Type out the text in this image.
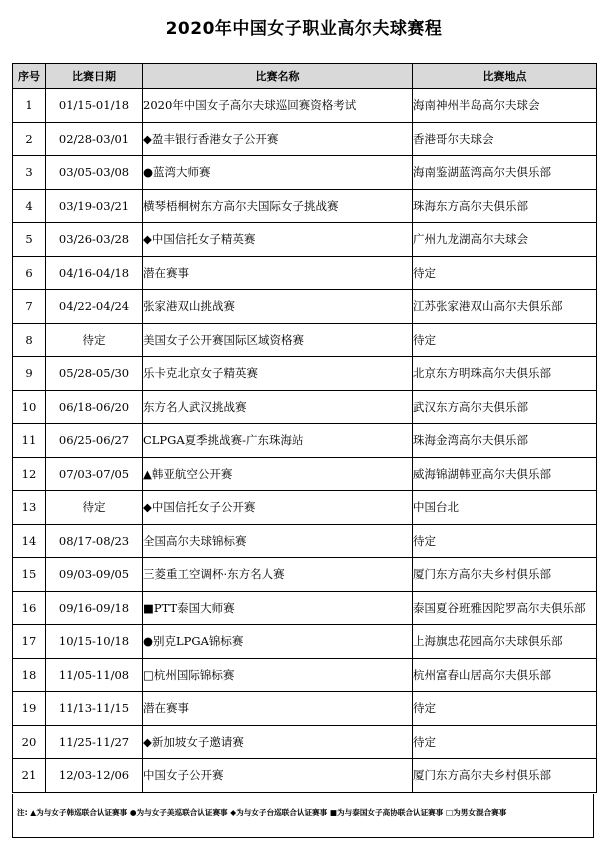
2020年中国女子职业高尔夫球赛程
序号	比赛日期	比赛名称	比赛地点
1	01/15-01/18	2020年中国女子高尔夫球巡回赛资格考试	海南神州半岛高尔夫球会
2	02/28-03/01	◆盈丰银行香港女子公开赛	香港哥尔夫球会
3	03/05-03/08	●蓝湾大师赛	海南鉴湖蓝湾高尔夫俱乐部
4	03/19-03/21	横琴梧桐树东方高尔夫国际女子挑战赛	珠海东方高尔夫俱乐部
5	03/26-03/28	◆中国信托女子精英赛	广州九龙湖高尔夫球会
6	04/16-04/18	潜在赛事	待定
7	04/22-04/24	张家港双山挑战赛	江苏张家港双山高尔夫俱乐部
8	待定	美国女子公开赛国际区域资格赛	待定
9	05/28-05/30	乐卡克北京女子精英赛	北京东方明珠高尔夫俱乐部
10	06/18-06/20	东方名人武汉挑战赛	武汉东方高尔夫俱乐部
11	06/25-06/27	CLPGA夏季挑战赛-广东珠海站	珠海金湾高尔夫俱乐部
12	07/03-07/05	▲韩亚航空公开赛	威海锦湖韩亚高尔夫俱乐部
13	待定	◆中国信托女子公开赛	中国台北
14	08/17-08/23	全国高尔夫球锦标赛	待定
15	09/03-09/05	三菱重工空调杯·东方名人赛	厦门东方高尔夫乡村俱乐部
16	09/16-09/18	■PTT泰国大师赛	泰国夏谷班雅因陀罗高尔夫俱乐部
17	10/15-10/18	●别克LPGA锦标赛	上海旗忠花园高尔夫球俱乐部
18	11/05-11/08	□杭州国际锦标赛	杭州富春山居高尔夫俱乐部
19	11/13-11/15	潜在赛事	待定
20	11/25-11/27	◆新加坡女子邀请赛	待定
21	12/03-12/06	中国女子公开赛	厦门东方高尔夫乡村俱乐部
注: ▲为与女子韩巡联合认证赛事 ●为与女子美巡联合认证赛事 ◆为与女子台巡联合认证赛事 ■为与泰国女子高协联合认证赛事 □为男女混合赛事
